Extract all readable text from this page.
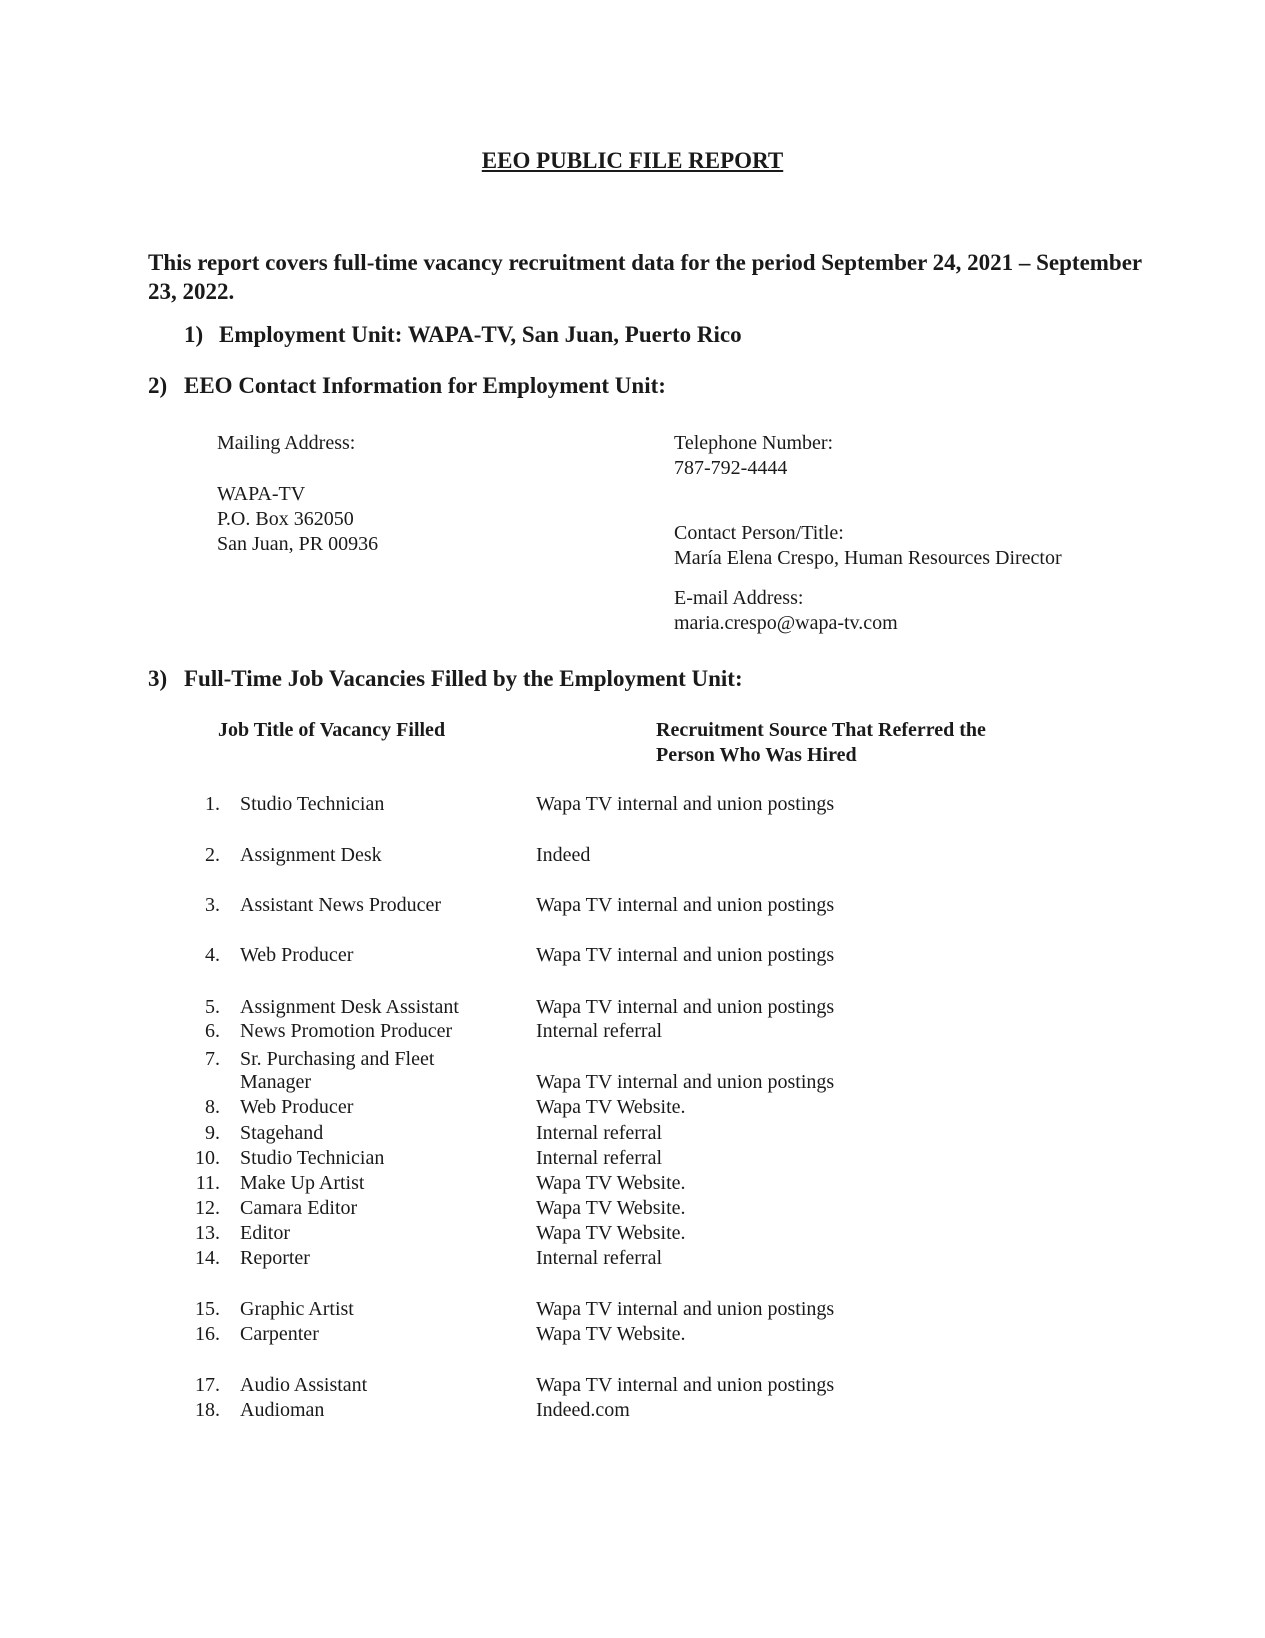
EEO PUBLIC FILE REPORT
This report covers full-time vacancy recruitment data for the period September 24, 2021 – September 23, 2022.
1) Employment Unit: WAPA-TV, San Juan, Puerto Rico
2) EEO Contact Information for Employment Unit:
Mailing Address:
WAPA-TV
P.O. Box 362050
San Juan, PR 00936
Telephone Number:
787-792-4444
Contact Person/Title:
María Elena Crespo, Human Resources Director
E-mail Address:
maria.crespo@wapa-tv.com
3) Full-Time Job Vacancies Filled by the Employment Unit:
Job Title of Vacancy Filled	Recruitment Source That Referred the
Person Who Was Hired
1. Studio Technician	Wapa TV internal and union postings
2. Assignment Desk	Indeed
3. Assistant News Producer	Wapa TV internal and union postings
4. Web Producer	Wapa TV internal and union postings
5. Assignment Desk Assistant	Wapa TV internal and union postings
6. News Promotion Producer	Internal referral
7. Sr. Purchasing and Fleet
Manager	Wapa TV internal and union postings
8. Web Producer	Wapa TV Website.
9. Stagehand	Internal referral
10. Studio Technician	Internal referral
11. Make Up Artist	Wapa TV Website.
12. Camara Editor	Wapa TV Website.
13. Editor	Wapa TV Website.
14. Reporter	Internal referral
15. Graphic Artist	Wapa TV internal and union postings
16. Carpenter	Wapa TV Website.
17. Audio Assistant	Wapa TV internal and union postings
18. Audioman	Indeed.com
